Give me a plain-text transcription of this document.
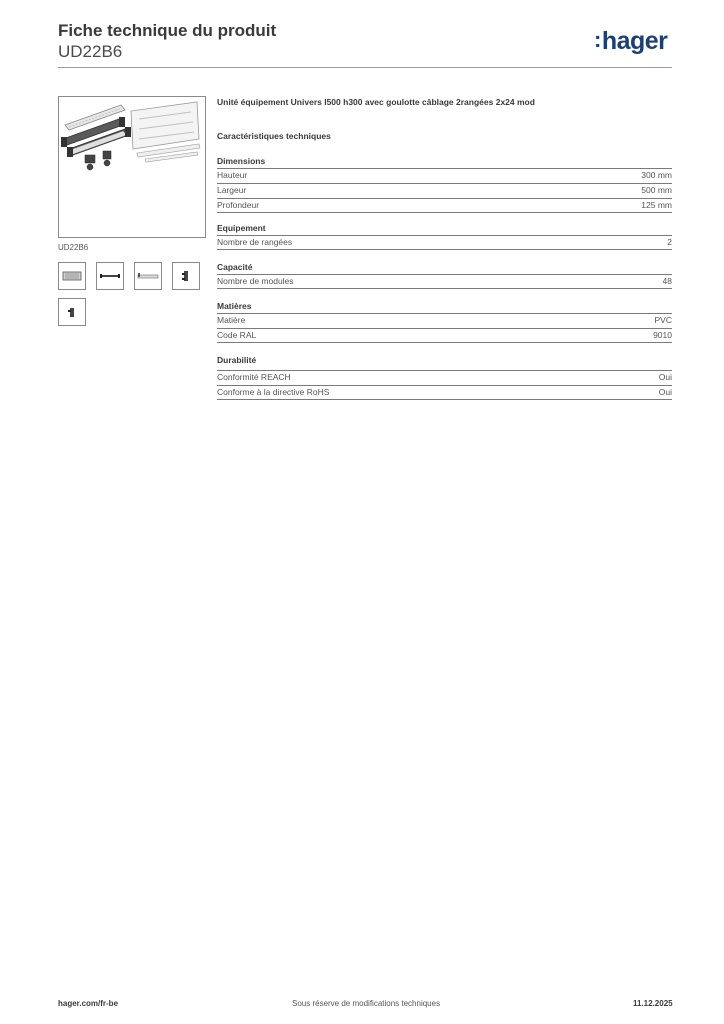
Fiche technique du produit
UD22B6	:hager
UD22B6
Unité équipement Univers I500 h300 avec goulotte câblage 2rangées 2x24 mod
Caractéristiques techniques
Dimensions
Hauteur	300 mm
Largeur	500 mm
Profondeur	125 mm
Equipement
Nombre de rangées	2
Capacité
Nombre de modules	48
Matières
Matière	PVC
Code RAL	9010
Durabilité
Conformité REACH	Oui
Conforme à la directive RoHS	Oui
hager.com/fr-be	Sous réserve de modifications techniques	11.12.2025
